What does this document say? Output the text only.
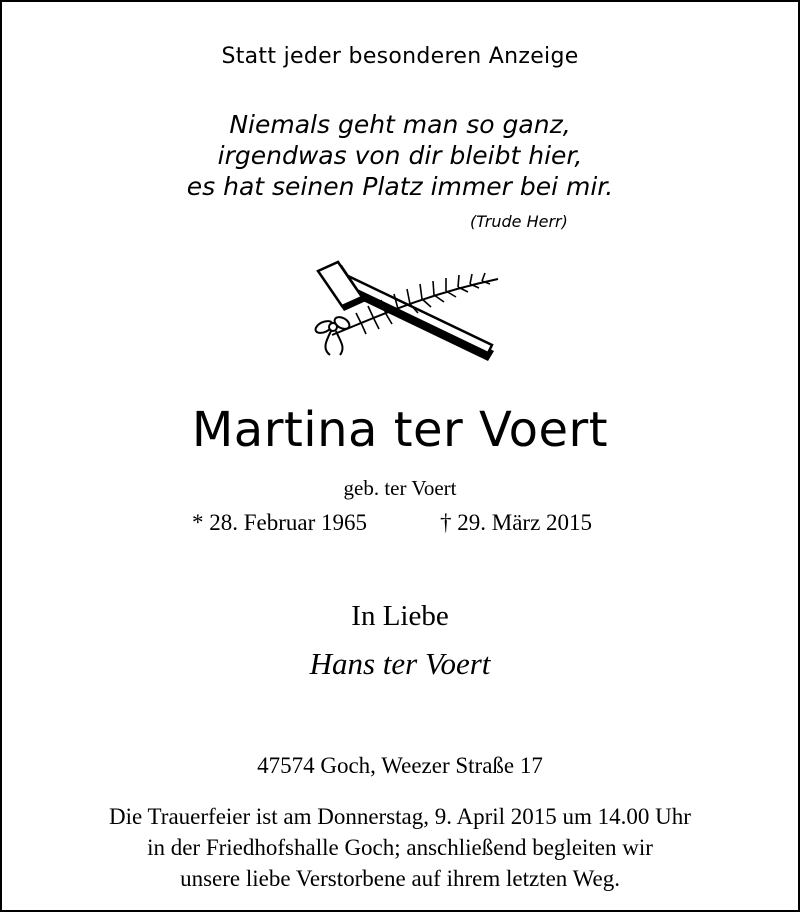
Statt jeder besonderen Anzeige
Niemals geht man so ganz,
irgendwas von dir bleibt hier,
es hat seinen Platz immer bei mir.
(Trude Herr)
Martina ter Voert
geb. ter Voert
* 28. Februar 1965	† 29. März 2015
In Liebe
Hans ter Voert
47574 Goch, Weezer Straße 17
Die Trauerfeier ist am Donnerstag, 9. April 2015 um 14.00 Uhr
in der Friedhofshalle Goch; anschließend begleiten wir
unsere liebe Verstorbene auf ihrem letzten Weg.
